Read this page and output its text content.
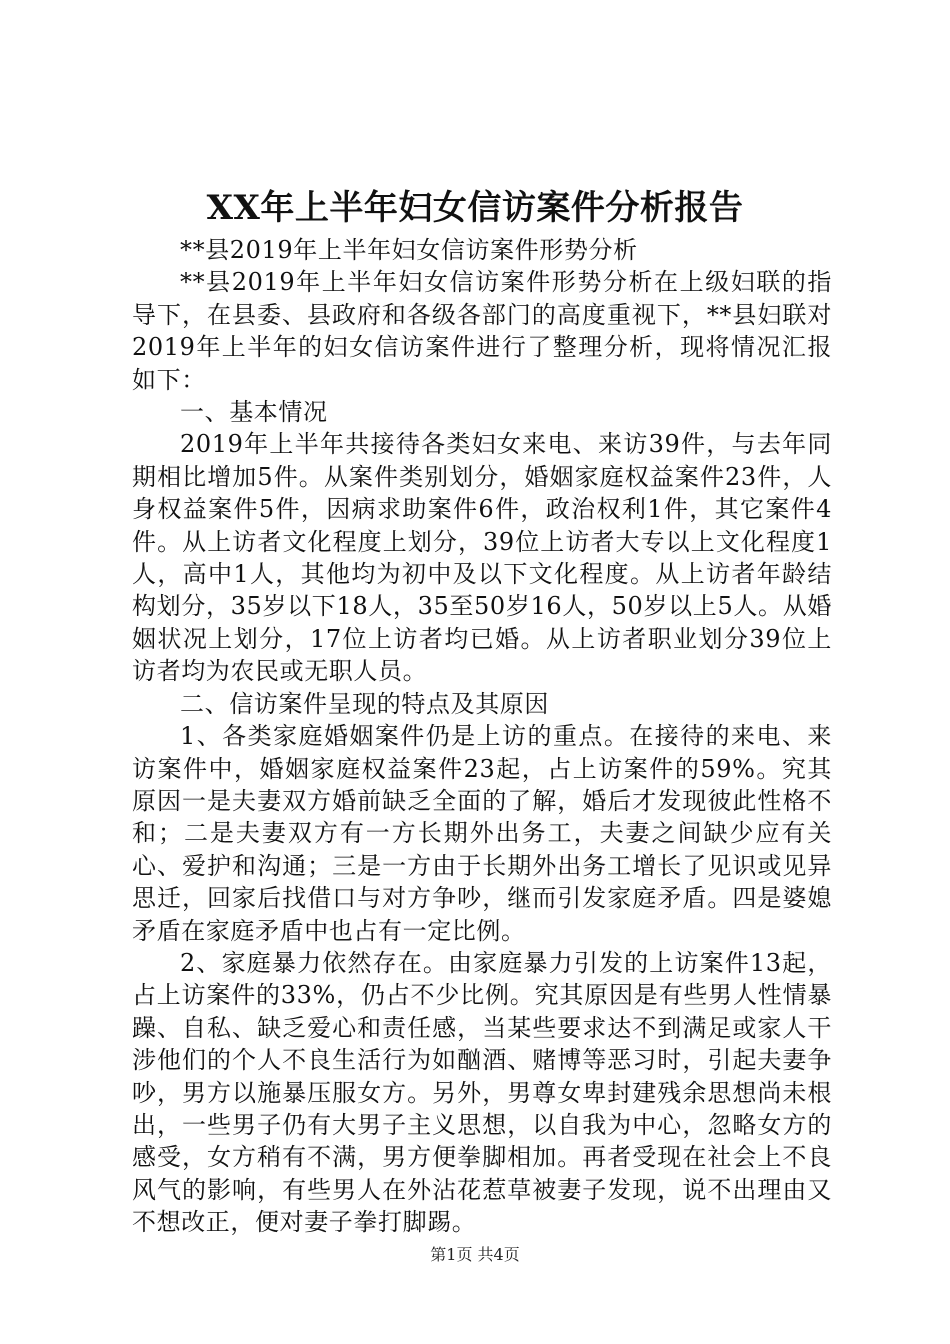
XX年上半年妇女信访案件分析报告

**县2019年上半年妇女信访案件形势分析

**县2019年上半年妇女信访案件形势分析在上级妇联的指导下，在县委、县政府和各级各部门的高度重视下，**县妇联对2019年上半年的妇女信访案件进行了整理分析，现将情况汇报如下：

一、基本情况

2019年上半年共接待各类妇女来电、来访39件，与去年同期相比增加5件。从案件类别划分，婚姻家庭权益案件23件，人身权益案件5件，因病求助案件6件，政治权利1件，其它案件4件。从上访者文化程度上划分，39位上访者大专以上文化程度1人，高中1人，其他均为初中及以下文化程度。从上访者年龄结构划分，35岁以下18人，35至50岁16人，50岁以上5人。从婚姻状况上划分，17位上访者均已婚。从上访者职业划分39位上访者均为农民或无职人员。

二、信访案件呈现的特点及其原因

1、各类家庭婚姻案件仍是上访的重点。在接待的来电、来访案件中，婚姻家庭权益案件23起，占上访案件的59%。究其原因一是夫妻双方婚前缺乏全面的了解，婚后才发现彼此性格不和；二是夫妻双方有一方长期外出务工，夫妻之间缺少应有关心、爱护和沟通；三是一方由于长期外出务工增长了见识或见异思迁，回家后找借口与对方争吵，继而引发家庭矛盾。四是婆媳矛盾在家庭矛盾中也占有一定比例。

2、家庭暴力依然存在。由家庭暴力引发的上访案件13起，占上访案件的33%，仍占不少比例。究其原因是有些男人性情暴躁、自私、缺乏爱心和责任感，当某些要求达不到满足或家人干涉他们的个人不良生活行为如酗酒、赌博等恶习时，引起夫妻争吵，男方以施暴压服女方。另外，男尊女卑封建残余思想尚未根出，一些男子仍有大男子主义思想，以自我为中心，忽略女方的感受，女方稍有不满，男方便拳脚相加。再者受现在社会上不良风气的影响，有些男人在外沾花惹草被妻子发现，说不出理由又不想改正，便对妻子拳打脚踢。

第1页 共4页
